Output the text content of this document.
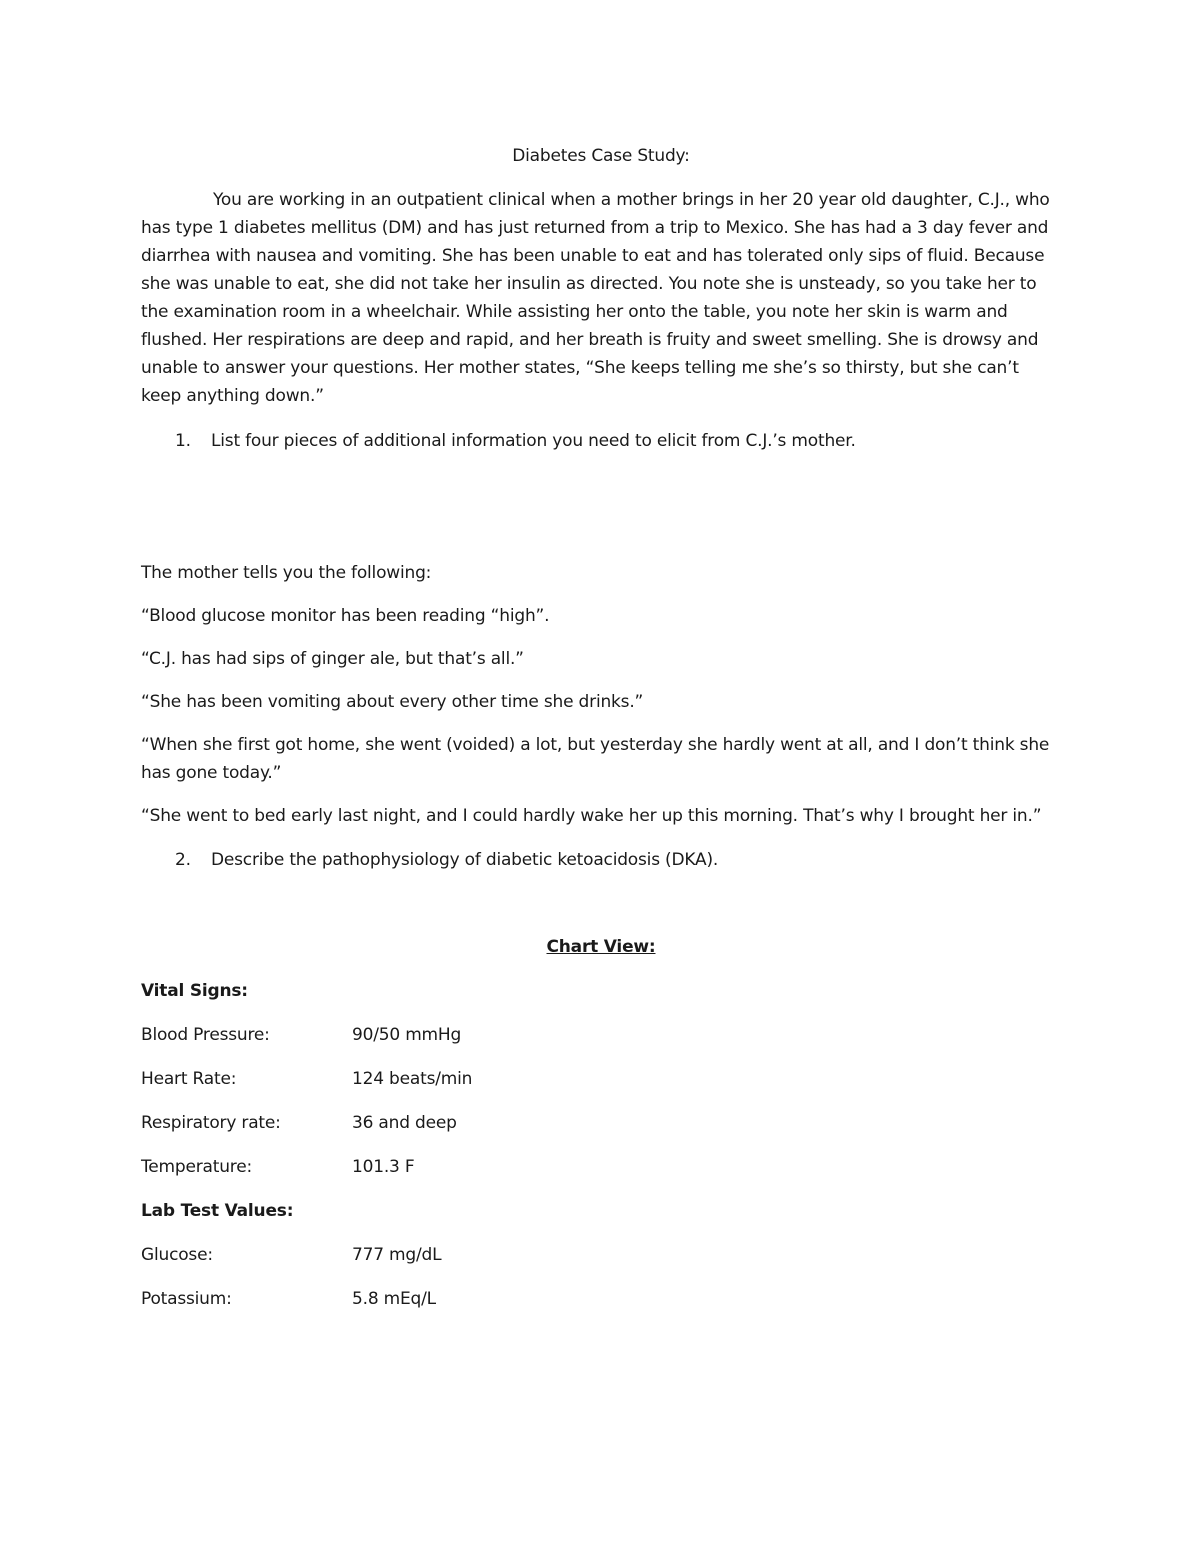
Diabetes Case Study:

You are working in an outpatient clinical when a mother brings in her 20 year old daughter, C.J., who has type 1 diabetes mellitus (DM) and has just returned from a trip to Mexico. She has had a 3 day fever and diarrhea with nausea and vomiting. She has been unable to eat and has tolerated only sips of fluid. Because she was unable to eat, she did not take her insulin as directed. You note she is unsteady, so you take her to the examination room in a wheelchair. While assisting her onto the table, you note her skin is warm and flushed. Her respirations are deep and rapid, and her breath is fruity and sweet smelling. She is drowsy and unable to answer your questions. Her mother states, “She keeps telling me she’s so thirsty, but she can’t keep anything down.”

1. List four pieces of additional information you need to elicit from C.J.’s mother.

The mother tells you the following:

“Blood glucose monitor has been reading “high”.

“C.J. has had sips of ginger ale, but that’s all.”

“She has been vomiting about every other time she drinks.”

“When she first got home, she went (voided) a lot, but yesterday she hardly went at all, and I don’t think she has gone today.”

“She went to bed early last night, and I could hardly wake her up this morning. That’s why I brought her in.”

2. Describe the pathophysiology of diabetic ketoacidosis (DKA).

Chart View:

Vital Signs:

Blood Pressure:	90/50 mmHg
Heart Rate:	124 beats/min
Respiratory rate:	36 and deep
Temperature:	101.3 F

Lab Test Values:

Glucose:	777 mg/dL
Potassium:	5.8 mEq/L
